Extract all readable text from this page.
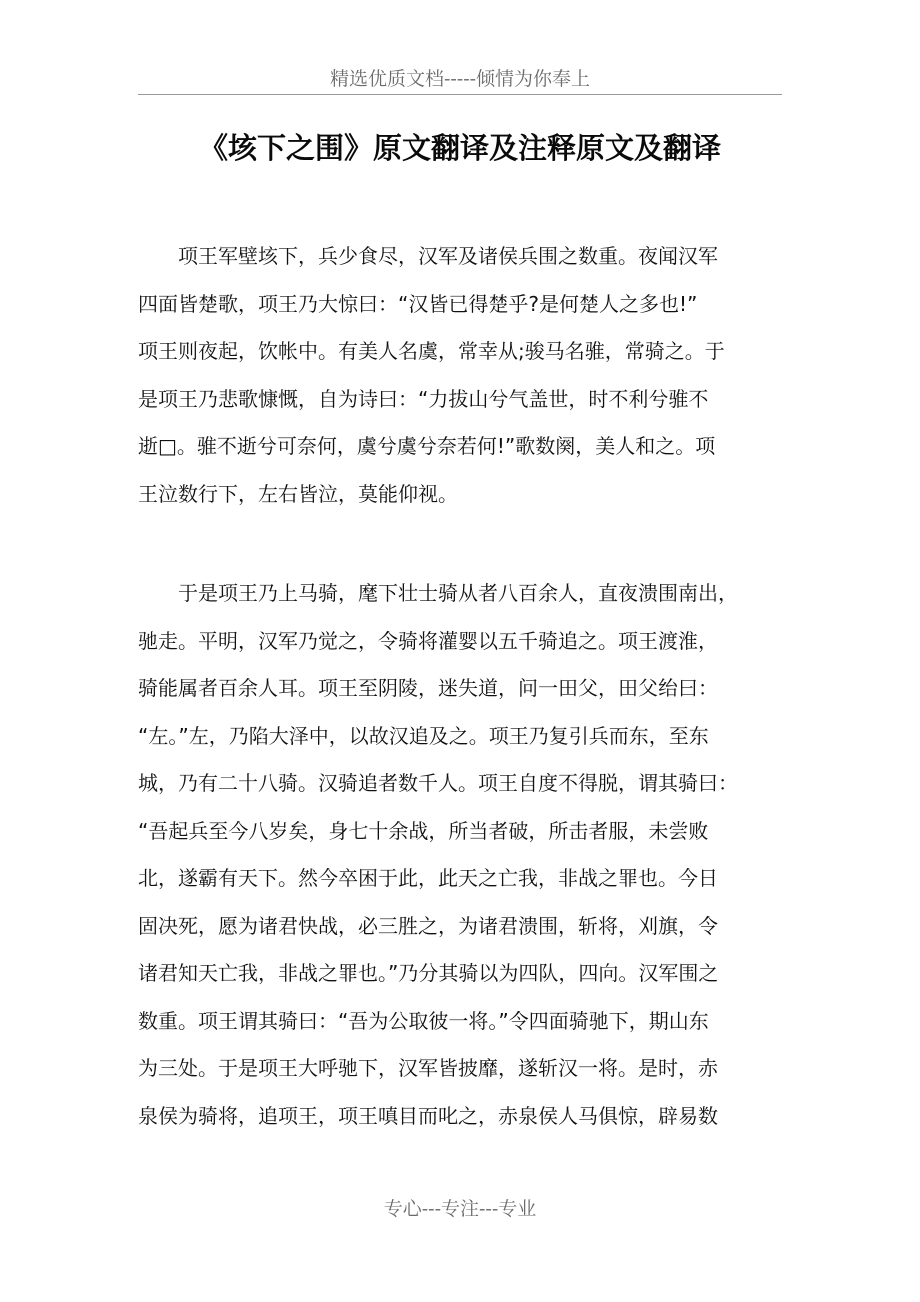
精选优质文档-----倾情为你奉上
《垓下之围》原文翻译及注释原文及翻译
　　项王军壁垓下，兵少食尽，汉军及诸侯兵围之数重。夜闻汉军
四面皆楚歌，项王乃大惊曰：“汉皆已得楚乎?是何楚人之多也!”
项王则夜起，饮帐中。有美人名虞，常幸从;骏马名骓，常骑之。于
是项王乃悲歌慷慨，自为诗曰：“力拔山兮气盖世，时不利兮骓不
逝□。骓不逝兮可奈何，虞兮虞兮奈若何!”歌数阕，美人和之。项
王泣数行下，左右皆泣，莫能仰视。
　　于是项王乃上马骑，麾下壮士骑从者八百余人，直夜溃围南出，
驰走。平明，汉军乃觉之，令骑将灌婴以五千骑追之。项王渡淮，
骑能属者百余人耳。项王至阴陵，迷失道，问一田父，田父绐曰：
“左。”左，乃陷大泽中，以故汉追及之。项王乃复引兵而东，至东
城，乃有二十八骑。汉骑追者数千人。项王自度不得脱，谓其骑曰：
“吾起兵至今八岁矣，身七十余战，所当者破，所击者服，未尝败
北，遂霸有天下。然今卒困于此，此天之亡我，非战之罪也。今日
固决死，愿为诸君快战，必三胜之，为诸君溃围，斩将，刈旗，令
诸君知天亡我，非战之罪也。”乃分其骑以为四队，四向。汉军围之
数重。项王谓其骑曰：“吾为公取彼一将。”令四面骑驰下，期山东
为三处。于是项王大呼驰下，汉军皆披靡，遂斩汉一将。是时，赤
泉侯为骑将，追项王，项王嗔目而叱之，赤泉侯人马俱惊，辟易数
专心---专注---专业
